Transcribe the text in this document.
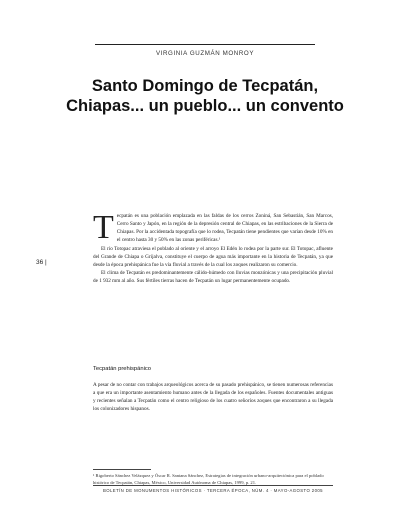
VIRGINIA GUZMÁN MONROY
Santo Domingo de Tecpatán,
Chiapas... un pueblo... un convento
36 |

Tecpatán es una población emplazada en las faldas de los cerros Zoniná, San Sebastián, San Marcos, Cerro Santo y Japón, en la región de la depresión central de Chiapas, en las estribaciones de la Sierra de Chiapas. Por la accidentada topografía que lo rodea, Tecpatán tiene pendientes que varían desde 10% en el centro hasta 30 y 50% en las zonas periféricas.¹

El río Totopac atraviesa el poblado al oriente y el arroyo El Edén lo rodea por la parte sur. El Totopac, afluente del Grande de Chiapa o Grijalva, constituye el cuerpo de agua más importante en la historia de Tecpatán, ya que desde la época prehispánica fue la vía fluvial a través de la cual los zoques realizaron su comercio.

El clima de Tecpatán es predominantemente cálido-húmedo con lluvias monzónicas y una precipitación pluvial de 1 932 mm al año. Sus fértiles tierras hacen de Tecpatán un lugar permanentemente ocupado.

Tecpatán prehispánico

A pesar de no contar con trabajos arqueológicos acerca de su pasado prehispánico, se tienen numerosas referencias a que era un importante asentamiento humano antes de la llegada de los españoles. Fuentes documentales antiguas y recientes señalan a Tecpatán como el centro religioso de los cuatro señoríos zoques que encontraron a su llegada los colonizadores hispanos.

¹ Rigoberto Sánchez Velázquez y Óscar R. Santana Sánchez, Estrategias de integración urbano-arquitectónica para el poblado histórico de Tecpatán, Chiapas, México, Universidad Autónoma de Chiapas, 1999, p. 21.
BOLETÍN DE MONUMENTOS HISTÓRICOS · TERCERA ÉPOCA, NÚM. 4 · MAYO-AGOSTO 2005
